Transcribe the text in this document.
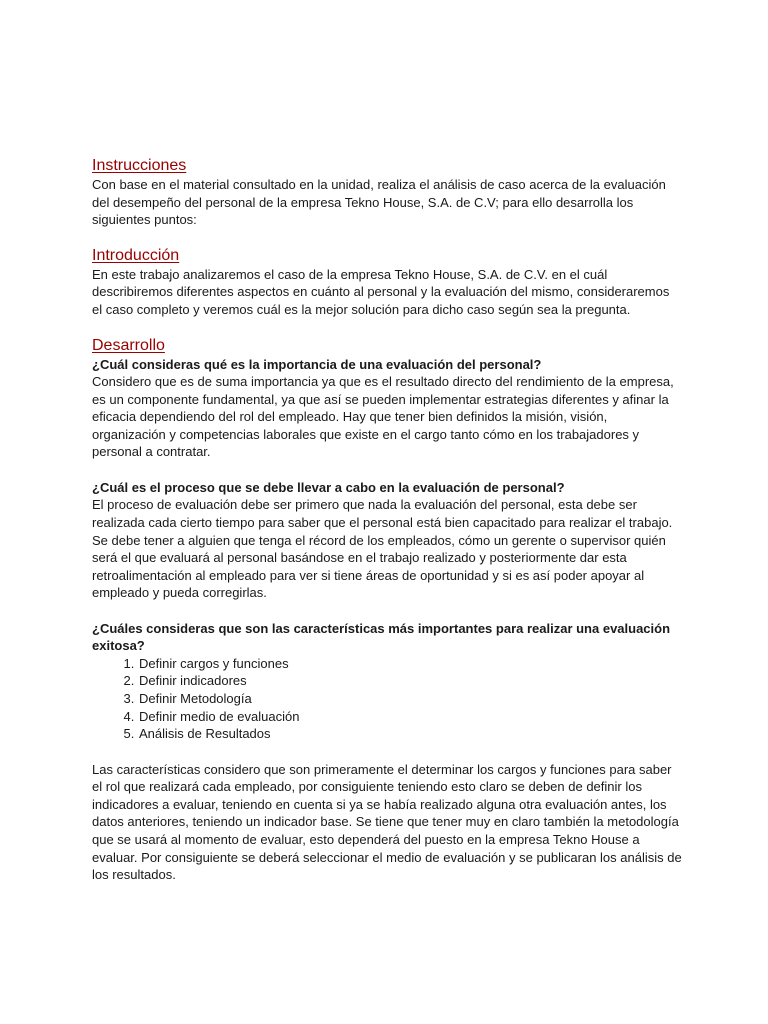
Instrucciones

Con base en el material consultado en la unidad, realiza el análisis de caso acerca de la evaluación del desempeño del personal de la empresa Tekno House, S.A. de C.V; para ello desarrolla los siguientes puntos:

Introducción

En este trabajo analizaremos el caso de la empresa Tekno House, S.A. de C.V. en el cuál describiremos diferentes aspectos en cuánto al personal y la evaluación del mismo, consideraremos el caso completo y veremos cuál es la mejor solución para dicho caso según sea la pregunta.

Desarrollo

¿Cuál consideras qué es la importancia de una evaluación del personal?

Considero que es de suma importancia ya que es el resultado directo del rendimiento de la empresa, es un componente fundamental, ya que así se pueden implementar estrategias diferentes y afinar la eficacia dependiendo del rol del empleado. Hay que tener bien definidos la misión, visión, organización y competencias laborales que existe en el cargo tanto cómo en los trabajadores y personal a contratar.

¿Cuál es el proceso que se debe llevar a cabo en la evaluación de personal?

El proceso de evaluación debe ser primero que nada la evaluación del personal, esta debe ser realizada cada cierto tiempo para saber que el personal está bien capacitado para realizar el trabajo. Se debe tener a alguien que tenga el récord de los empleados, cómo un gerente o supervisor quién será el que evaluará al personal basándose en el trabajo realizado y posteriormente dar esta retroalimentación al empleado para ver si tiene áreas de oportunidad y si es así poder apoyar al empleado y pueda corregirlas.

¿Cuáles consideras que son las características más importantes para realizar una evaluación exitosa?

1. Definir cargos y funciones
2. Definir indicadores
3. Definir Metodología
4. Definir medio de evaluación
5. Análisis de Resultados

Las características considero que son primeramente el determinar los cargos y funciones para saber el rol que realizará cada empleado, por consiguiente teniendo esto claro se deben de definir los indicadores a evaluar, teniendo en cuenta si ya se había realizado alguna otra evaluación antes, los datos anteriores, teniendo un indicador base. Se tiene que tener muy en claro también la metodología que se usará al momento de evaluar, esto dependerá del puesto en la empresa Tekno House a evaluar. Por consiguiente se deberá seleccionar el medio de evaluación y se publicaran los análisis de los resultados.
